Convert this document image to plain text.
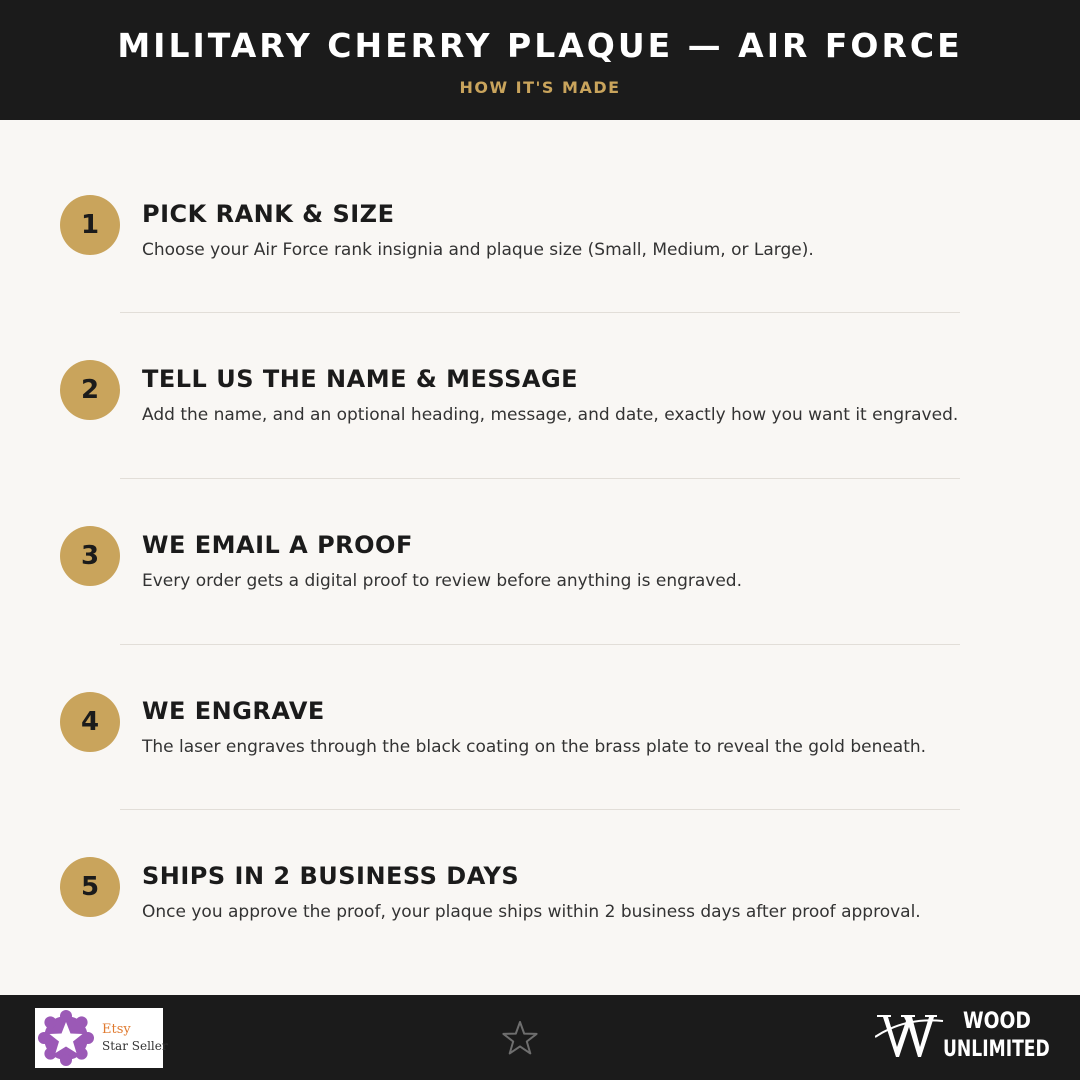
MILITARY CHERRY PLAQUE — AIR FORCE
HOW IT'S MADE
1	PICK RANK & SIZE
Choose your Air Force rank insignia and plaque size (Small, Medium, or Large).
2	TELL US THE NAME & MESSAGE
Add the name, and an optional heading, message, and date, exactly how you want it engraved.
3	WE EMAIL A PROOF
Every order gets a digital proof to review before anything is engraved.
4	WE ENGRAVE
The laser engraves through the black coating on the brass plate to reveal the gold beneath.
5	SHIPS IN 2 BUSINESS DAYS
Once you approve the proof, your plaque ships within 2 business days after proof approval.
Etsy
Star Seller
WOOD
UNLIMITED
